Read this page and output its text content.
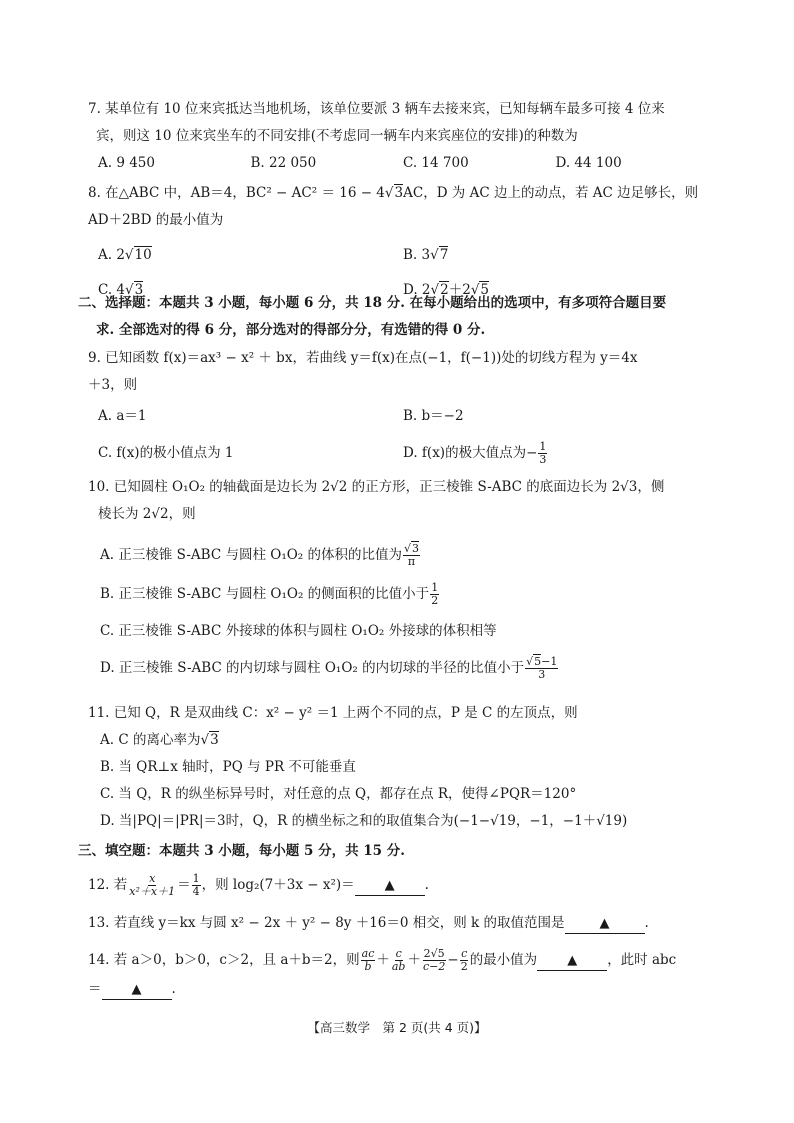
7. 某单位有 10 位来宾抵达当地机场，该单位要派 3 辆车去接来宾，已知每辆车最多可接 4 位来
宾，则这 10 位来宾坐车的不同安排(不考虑同一辆车内来宾座位的安排)的种数为
A. 9 450	B. 22 050	C. 14 700	D. 44 100
8. 在△ABC 中，AB＝4，BC² − AC² ＝ 16 − 4√3AC，D 为 AC 边上的动点，若 AC 边足够长，则
AD＋2BD 的最小值为
A. 2√10	B. 3√7
C. 4√3	D. 2√2＋2√5
二、选择题：本题共 3 小题，每小题 6 分，共 18 分. 在每小题给出的选项中，有多项符合题目要
求. 全部选对的得 6 分，部分选对的得部分分，有选错的得 0 分.
9. 已知函数 f(x)＝ax³ − x² ＋ bx，若曲线 y＝f(x)在点(−1，f(−1))处的切线方程为 y＝4x
＋3，则
A. a＝1	B. b＝−2
C. f(x)的极小值点为 1	D. f(x)的极大值点为− $\frac{1}{3}$
10. 已知圆柱 O₁O₂ 的轴截面是边长为 2√2 的正方形，正三棱锥 S-ABC 的底面边长为 2√3，侧
棱长为 2√2，则
A. 正三棱锥 S-ABC 与圆柱 O₁O₂ 的体积的比值为 $\frac{√3}{\pi}$
B. 正三棱锥 S-ABC 与圆柱 O₁O₂ 的侧面积的比值小于 $\frac{1}{2}$
C. 正三棱锥 S-ABC 外接球的体积与圆柱 O₁O₂ 外接球的体积相等
D. 正三棱锥 S-ABC 的内切球与圆柱 O₁O₂ 的内切球的半径的比值小于 $\frac{√5-1}{3}$
11. 已知 Q，R 是双曲线 C：x² − y² ＝1 上两个不同的点，P 是 C 的左顶点，则
A. C 的离心率为√3
B. 当 QR⊥x 轴时，PQ 与 PR 不可能垂直
C. 当 Q，R 的纵坐标异号时，对任意的点 Q，都存在点 R，使得∠PQR＝120°
D. 当|PQ|＝|PR|＝3时，Q，R 的横坐标之和的取值集合为(−1−√19，−1，−1＋√19)
三、填空题：本题共 3 小题，每小题 5 分，共 15 分.
12. 若 $\frac{x}{\text{x²＋x＋1}} = \frac{1}{4}$ ，则 log₂(7＋3x − x²)＝ ▲ .
13. 若直线 y＝kx 与圆 x² − 2x ＋ y² − 8y ＋16＝0 相交，则 k 的取值范围是	▲	.
14. 若 a＞0，b＞0，c＞2，且 a＋b＝2，则 $\frac{ac}{b} + \frac{c}{ab} + \frac{2√5}{c-2} - \frac{c}{2}$ 的最小值为 ▲ ，此时 abc
＝ ▲ .
【高三数学　第 2 页(共 4 页)】
